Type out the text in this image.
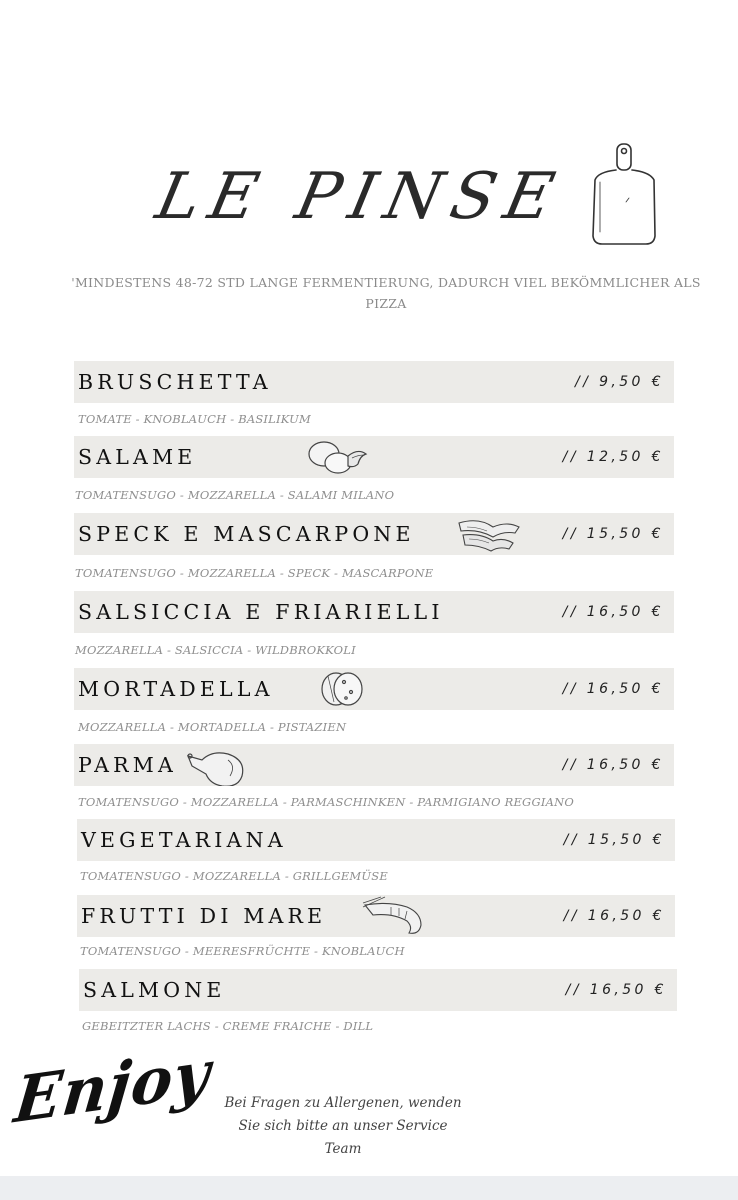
LE PINSE
'MINDESTENS 48-72 STD LANGE FERMENTIERUNG, DADURCH VIEL BEKÖMMLICHER ALS PIZZA
BRUSCHETTA	// 9,50 €
TOMATE - KNOBLAUCH - BASILIKUM
SALAME	// 12,50 €
TOMATENSUGO - MOZZARELLA - SALAMI MILANO
SPECK E MASCARPONE	// 15,50 €
TOMATENSUGO - MOZZARELLA - SPECK - MASCARPONE
SALSICCIA E FRIARIELLI	// 16,50 €
MOZZARELLA - SALSICCIA - WILDBROKKOLI
MORTADELLA	// 16,50 €
MOZZARELLA - MORTADELLA - PISTAZIEN
PARMA	// 16,50 €
TOMATENSUGO - MOZZARELLA - PARMASCHINKEN - PARMIGIANO REGGIANO
VEGETARIANA	// 15,50 €
TOMATENSUGO - MOZZARELLA - GRILLGEMÜSE
FRUTTI DI MARE	// 16,50 €
TOMATENSUGO - MEERESFRÜCHTE - KNOBLAUCH
SALMONE	// 16,50 €
GEBEITZTER LACHS - CREME FRAICHE - DILL
Enjoy Bei Fragen zu Allergenen, wenden Sie sich bitte an unser Service Team
